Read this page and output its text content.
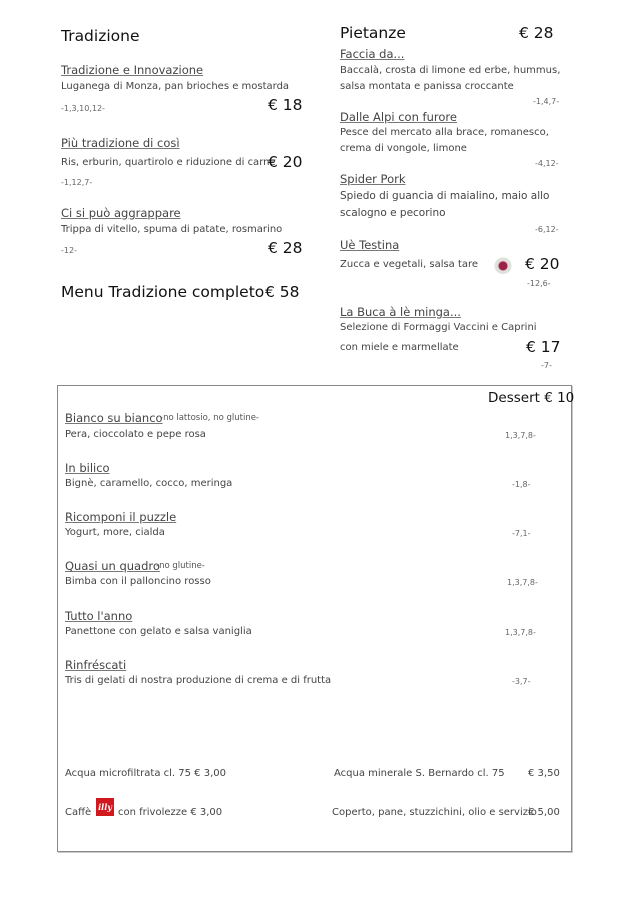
Tradizione
Tradizione e Innovazione
Luganega di Monza, pan brioches e mostarda
-1,3,10,12-	€ 18
Più tradizione di così
Ris, erburin, quartirolo e riduzione di carne
€ 20
-1,12,7-
Ci si può aggrappare
Trippa di vitello, spuma di patate, rosmarino
-12-	€ 28
Menu Tradizione completo € 58
Pietanze	€ 28
Faccia da...
Baccalà, crosta di limone ed erbe, hummus,
salsa montata e panissa croccante
-1,4,7-
Dalle Alpi con furore
Pesce del mercato alla brace, romanesco,
crema di vongole, limone
-4,12-
Spider Pork
Spiedo di guancia di maialino, maio allo
scalogno e pecorino
-6,12-
Uè Testina
Zucca e vegetali, salsa tare	€ 20
-12,6-
La Buca à lè minga...
Selezione di Formaggi Vaccini e Caprini
con miele e marmellate	€ 17
-7-
Dessert € 10
Bianco su bianco
-no lattosio, no glutine-
Pera, cioccolato e pepe rosa	1,3,7,8-
In bilico
Bignè, caramello, cocco, meringa	-1,8-
Ricomponi il puzzle
Yogurt, more, cialda	-7,1-
Quasi un quadro
-no glutine-
Bimba con il palloncino rosso	1,3,7,8-
Tutto l'anno
Panettone con gelato e salsa vaniglia	1,3,7,8-
Rinfréscati
Tris di gelati di nostra produzione di crema e di frutta	-3,7-
Acqua microfiltrata cl. 75 € 3,00	Acqua minerale S. Bernardo cl. 75 € 3,50
Caffè illy con frivolezze € 3,00	Coperto, pane, stuzzichini, olio e servizio
€ 5,00
